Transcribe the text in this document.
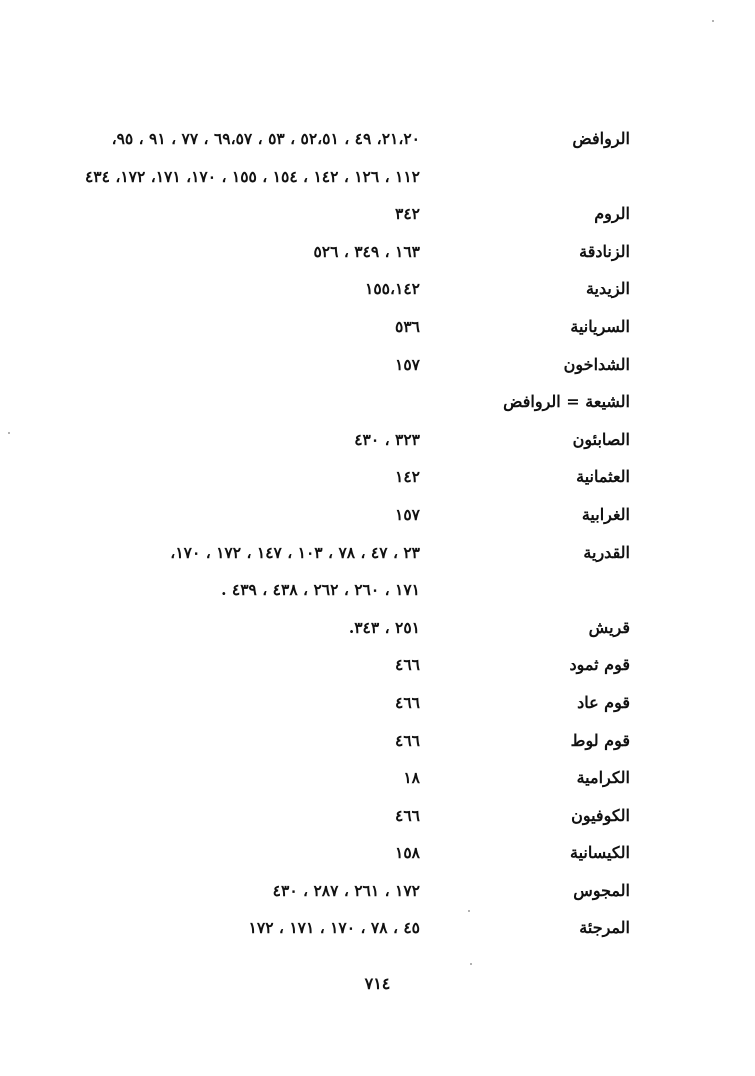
الروافض
٢١،٢٠، ٤٩ ، ٥٢،٥١ ، ٥٣ ، ٦٩،٥٧ ، ٧٧ ، ٩١ ، ٩٥،
١١٢ ، ١٢٦ ، ١٤٢ ، ١٥٤ ، ١٥٥ ، ١٧٠، ١٧١، ١٧٢، ٤٣٤
الروم
٣٤٢
الزنادقة
١٦٣ ، ٣٤٩ ، ٥٢٦
الزيدية
١٥٥،١٤٢
السريانية
٥٣٦
الشداخون
١٥٧
الشيعة = الروافض
الصابئون
٣٢٣ ، ٤٣٠
العثمانية
١٤٢
الغرابية
١٥٧
القدرية
٢٣ ، ٤٧ ، ٧٨ ، ١٠٣ ، ١٤٧ ، ١٧٢ ، ١٧٠،
١٧١ ، ٢٦٠ ، ٢٦٢ ، ٤٣٨ ، ٤٣٩ .
قريش
٢٥١ ، ٣٤٣.
قوم ثمود
٤٦٦
قوم عاد
٤٦٦
قوم لوط
٤٦٦
الكرامية
١٨
الكوفيون
٤٦٦
الكيسانية
١٥٨
المجوس
١٧٢ ، ٢٦١ ، ٢٨٧ ، ٤٣٠
المرجئة
٤٥ ، ٧٨ ، ١٧٠ ، ١٧١ ، ١٧٢
٧١٤
